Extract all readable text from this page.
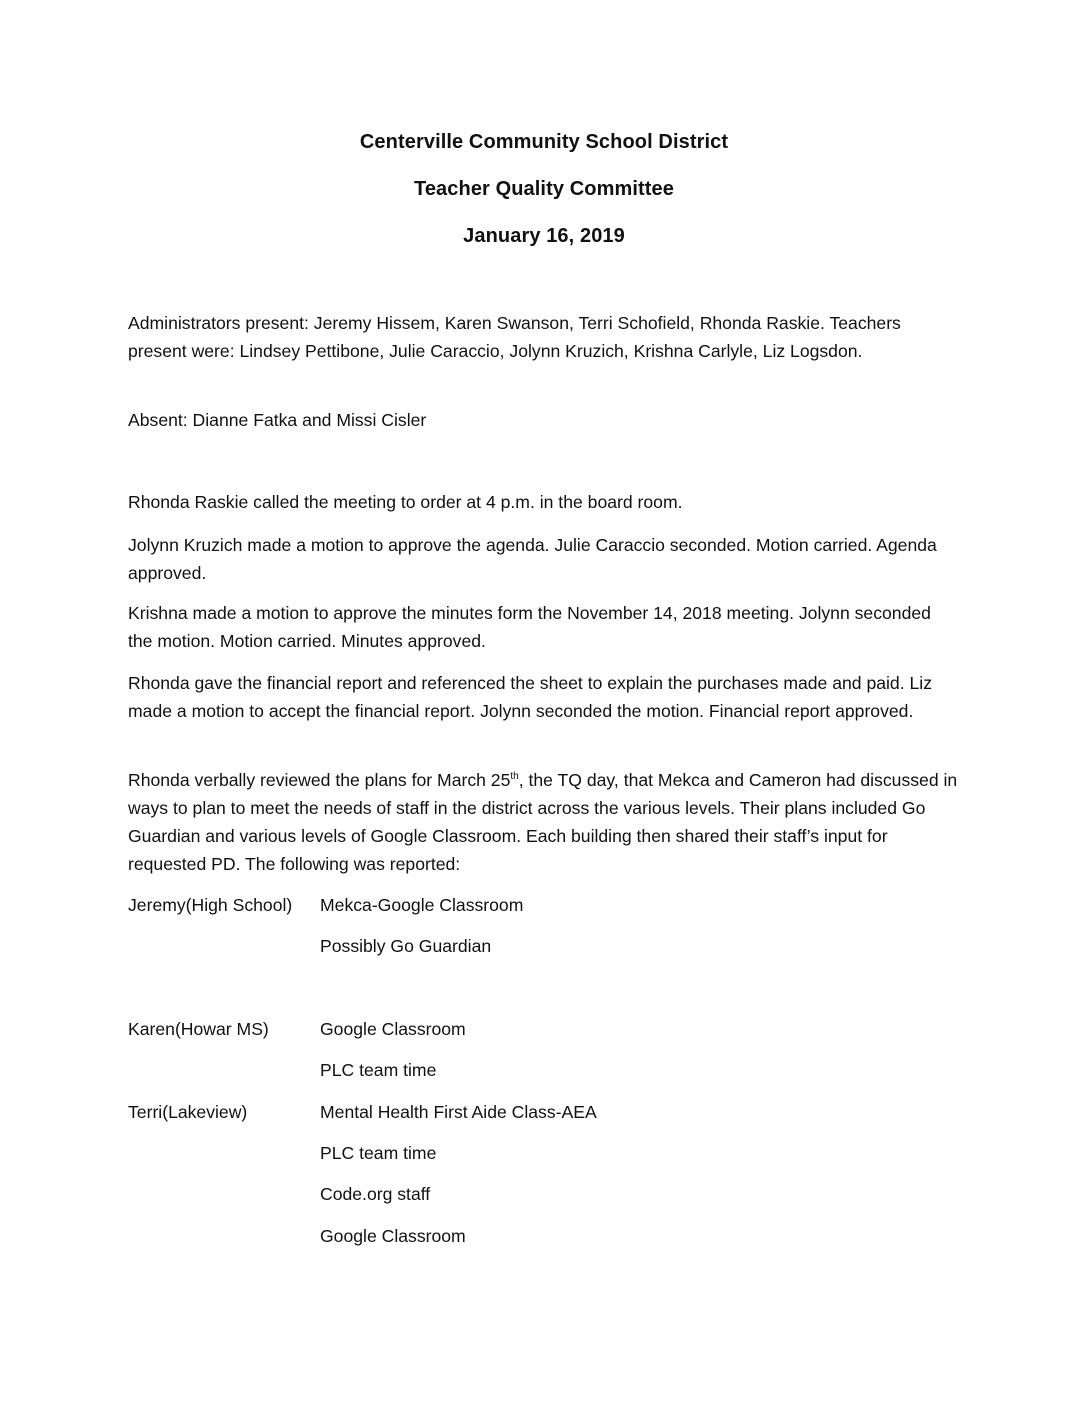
Centerville Community School District
Teacher Quality Committee
January 16, 2019

Administrators present: Jeremy Hissem, Karen Swanson, Terri Schofield, Rhonda Raskie. Teachers present were: Lindsey Pettibone, Julie Caraccio, Jolynn Kruzich, Krishna Carlyle, Liz Logsdon.

Absent: Dianne Fatka and Missi Cisler

Rhonda Raskie called the meeting to order at 4 p.m. in the board room.

Jolynn Kruzich made a motion to approve the agenda. Julie Caraccio seconded. Motion carried. Agenda approved.

Krishna made a motion to approve the minutes form the November 14, 2018 meeting. Jolynn seconded the motion. Motion carried. Minutes approved.

Rhonda gave the financial report and referenced the sheet to explain the purchases made and paid. Liz made a motion to accept the financial report. Jolynn seconded the motion. Financial report approved.

Rhonda verbally reviewed the plans for March 25th, the TQ day, that Mekca and Cameron had discussed in ways to plan to meet the needs of staff in the district across the various levels. Their plans included Go Guardian and various levels of Google Classroom. Each building then shared their staff’s input for requested PD. The following was reported:

Jeremy(High School)	Mekca-Google Classroom
Possibly Go Guardian
Karen(Howar MS)	Google Classroom
PLC team time
Terri(Lakeview)	Mental Health First Aide Class-AEA
PLC team time
Code.org staff
Google Classroom
